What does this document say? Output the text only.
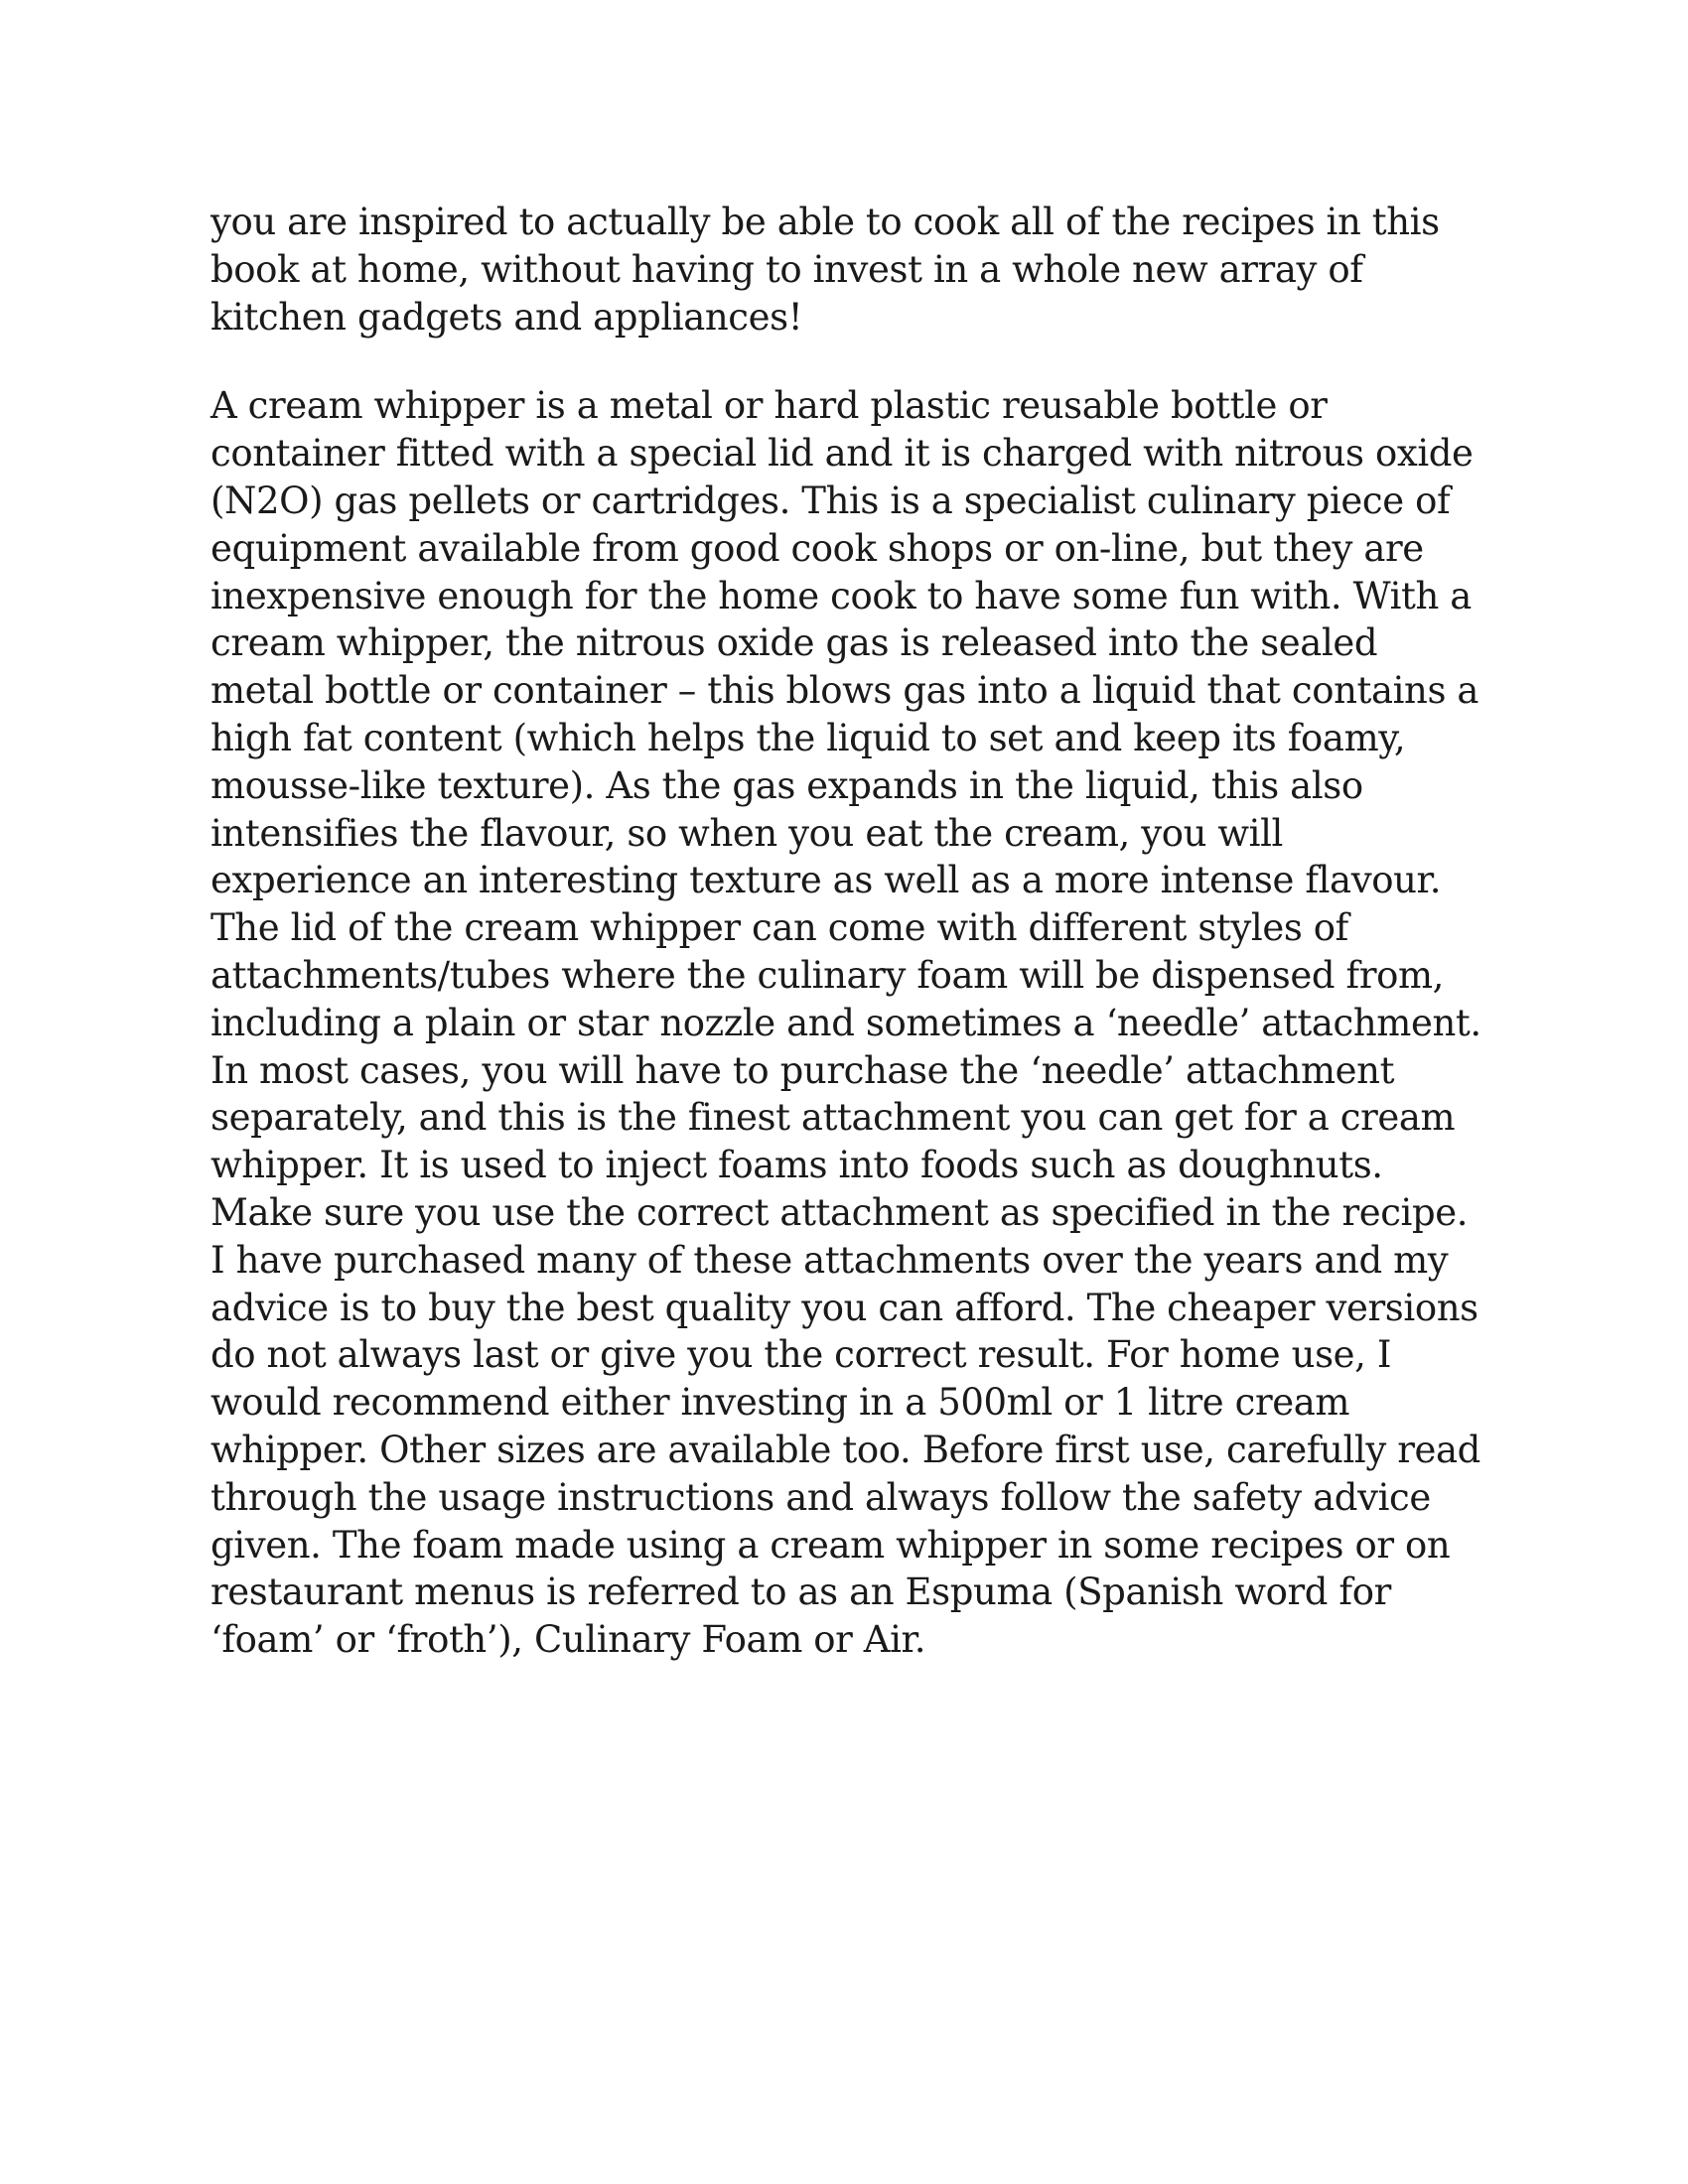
you are inspired to actually be able to cook all of the recipes in this
book at home, without having to invest in a whole new array of
kitchen gadgets and appliances!
A cream whipper is a metal or hard plastic reusable bottle or
container fitted with a special lid and it is charged with nitrous oxide
(N2O) gas pellets or cartridges. This is a specialist culinary piece of
equipment available from good cook shops or on-line, but they are
inexpensive enough for the home cook to have some fun with. With a
cream whipper, the nitrous oxide gas is released into the sealed
metal bottle or container – this blows gas into a liquid that contains a
high fat content (which helps the liquid to set and keep its foamy,
mousse-like texture). As the gas expands in the liquid, this also
intensifies the flavour, so when you eat the cream, you will
experience an interesting texture as well as a more intense flavour.
The lid of the cream whipper can come with different styles of
attachments/tubes where the culinary foam will be dispensed from,
including a plain or star nozzle and sometimes a ‘needle’ attachment.
In most cases, you will have to purchase the ‘needle’ attachment
separately, and this is the finest attachment you can get for a cream
whipper. It is used to inject foams into foods such as doughnuts.
Make sure you use the correct attachment as specified in the recipe.
I have purchased many of these attachments over the years and my
advice is to buy the best quality you can afford. The cheaper versions
do not always last or give you the correct result. For home use, I
would recommend either investing in a 500ml or 1 litre cream
whipper. Other sizes are available too. Before first use, carefully read
through the usage instructions and always follow the safety advice
given. The foam made using a cream whipper in some recipes or on
restaurant menus is referred to as an Espuma (Spanish word for
‘foam’ or ‘froth’), Culinary Foam or Air.
